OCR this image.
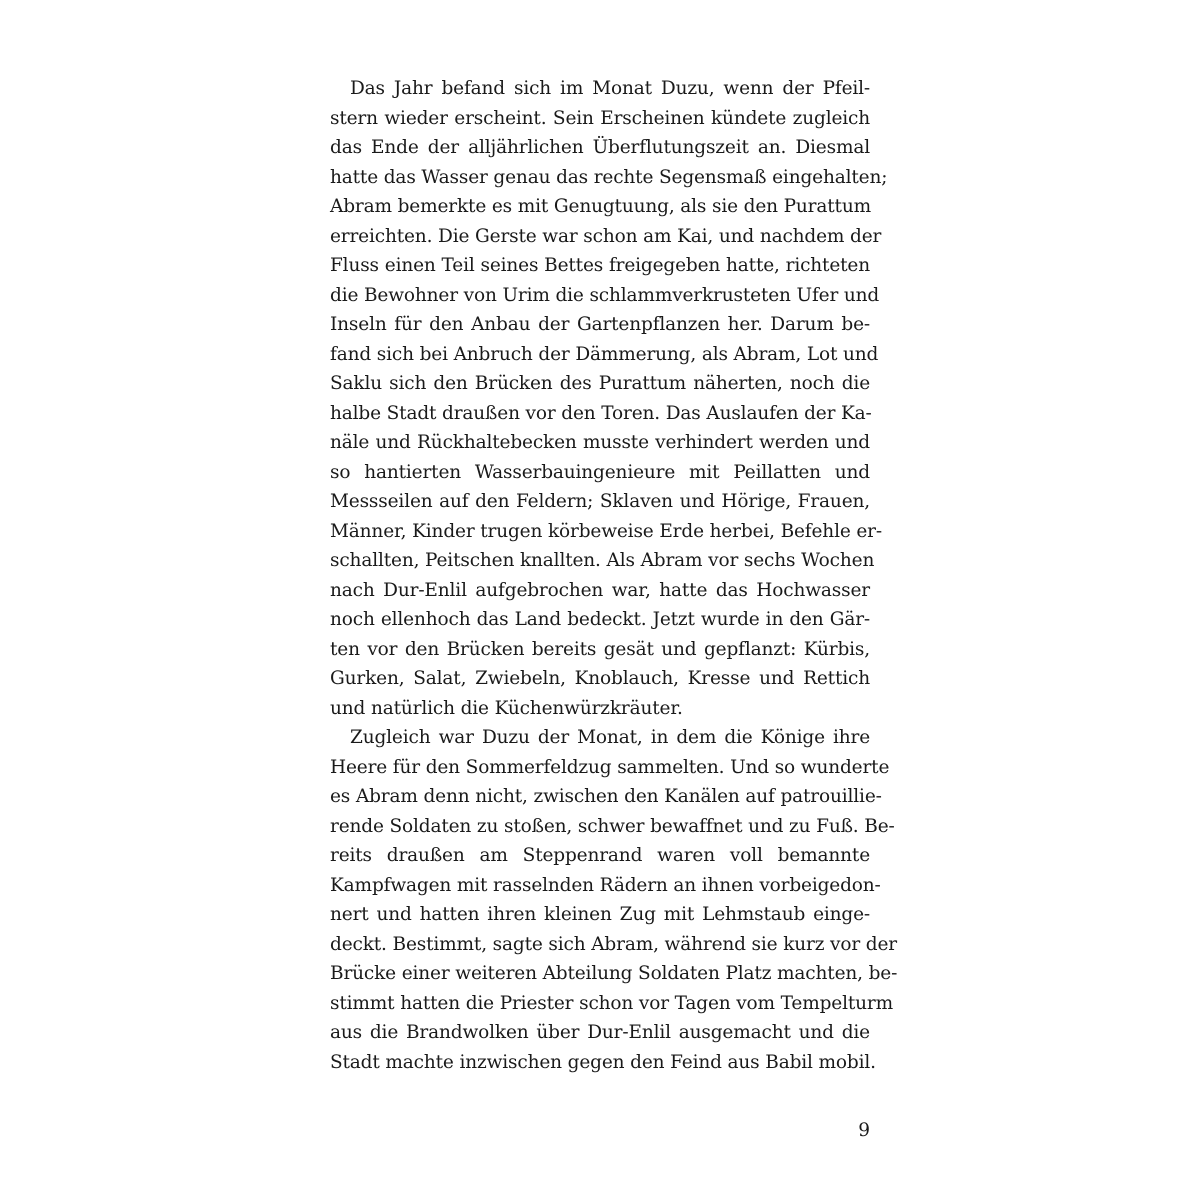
Das Jahr befand sich im Monat Duzu, wenn der Pfeil-
stern wieder erscheint. Sein Erscheinen kündete zugleich
das Ende der alljährlichen Überflutungszeit an. Diesmal
hatte das Wasser genau das rechte Segensmaß eingehalten;
Abram bemerkte es mit Genugtuung, als sie den Purattum
erreichten. Die Gerste war schon am Kai, und nachdem der
Fluss einen Teil seines Bettes freigegeben hatte, richteten
die Bewohner von Urim die schlammverkrusteten Ufer und
Inseln für den Anbau der Gartenpflanzen her. Darum be-
fand sich bei Anbruch der Dämmerung, als Abram, Lot und
Saklu sich den Brücken des Purattum näherten, noch die
halbe Stadt draußen vor den Toren. Das Auslaufen der Ka-
näle und Rückhaltebecken musste verhindert werden und
so hantierten Wasserbauingenieure mit Peillatten und
Messseilen auf den Feldern; Sklaven und Hörige, Frauen,
Männer, Kinder trugen körbeweise Erde herbei, Befehle er-
schallten, Peitschen knallten. Als Abram vor sechs Wochen
nach Dur-Enlil aufgebrochen war, hatte das Hochwasser
noch ellenhoch das Land bedeckt. Jetzt wurde in den Gär-
ten vor den Brücken bereits gesät und gepflanzt: Kürbis,
Gurken, Salat, Zwiebeln, Knoblauch, Kresse und Rettich
und natürlich die Küchenwürzkräuter.
Zugleich war Duzu der Monat, in dem die Könige ihre
Heere für den Sommerfeldzug sammelten. Und so wunderte
es Abram denn nicht, zwischen den Kanälen auf patrouillie-
rende Soldaten zu stoßen, schwer bewaffnet und zu Fuß. Be-
reits draußen am Steppenrand waren voll bemannte
Kampfwagen mit rasselnden Rädern an ihnen vorbeigedon-
nert und hatten ihren kleinen Zug mit Lehmstaub einge-
deckt. Bestimmt, sagte sich Abram, während sie kurz vor der
Brücke einer weiteren Abteilung Soldaten Platz machten, be-
stimmt hatten die Priester schon vor Tagen vom Tempelturm
aus die Brandwolken über Dur-Enlil ausgemacht und die
Stadt machte inzwischen gegen den Feind aus Babil mobil.
9
